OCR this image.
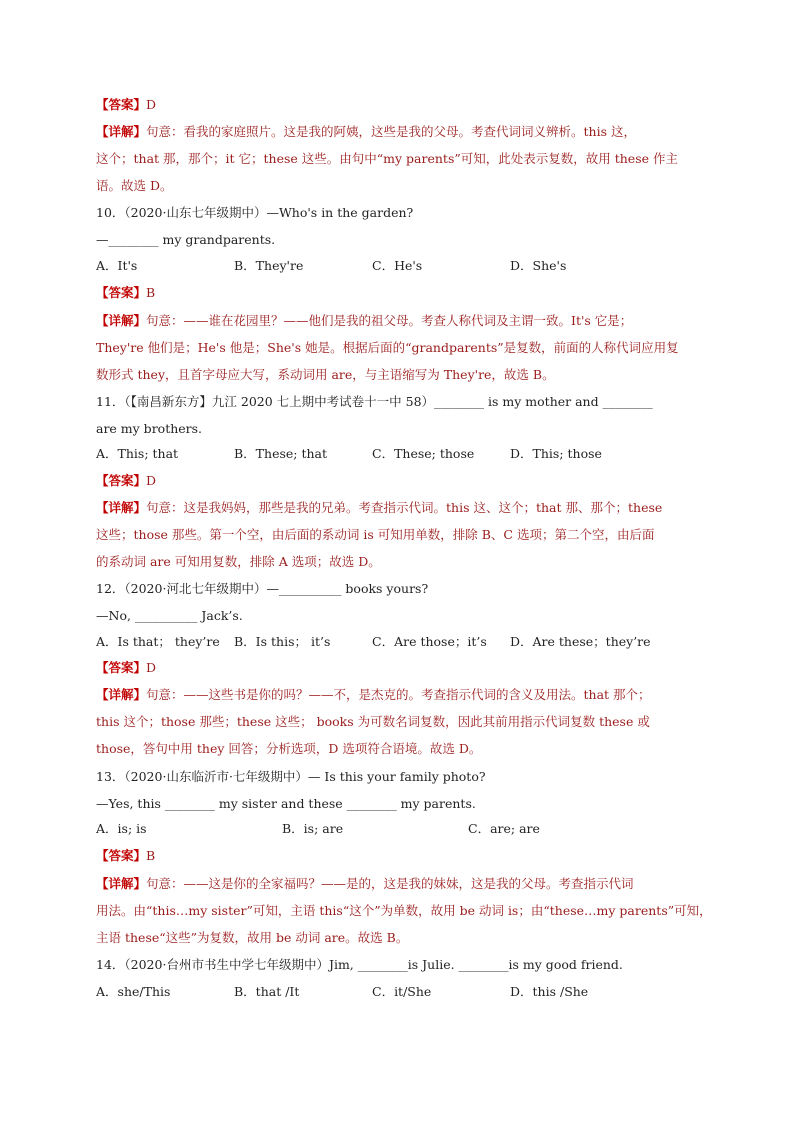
【答案】D

【详解】句意：看我的家庭照片。这是我的阿姨，这些是我的父母。考查代词词义辨析。this 这，

这个；that 那，那个；it 它；these 这些。由句中“my parents”可知，此处表示复数，故用 these 作主

语。故选 D。

10．（2020·山东七年级期中）—Who's in the garden?

—________ my grandparents.

A．It's	B．They're	C．He's	D．She's

【答案】B

【详解】句意：——谁在花园里？——他们是我的祖父母。考查人称代词及主谓一致。It's 它是；

They're 他们是；He's 他是；She's 她是。根据后面的“grandparents”是复数，前面的人称代词应用复

数形式 they，且首字母应大写，系动词用 are，与主语缩写为 They're，故选 B。

11．（【南昌新东方】九江 2020 七上期中考试卷十一中 58）________ is my mother and ________

are my brothers.

A．This; that	B．These; that	C．These; those	D．This; those

【答案】D

【详解】句意：这是我妈妈，那些是我的兄弟。考查指示代词。this 这、这个；that 那、那个；these

这些；those 那些。第一个空，由后面的系动词 is 可知用单数，排除 B、C 选项；第二个空，由后面

的系动词 are 可知用复数，排除 A 选项；故选 D。

12．（2020·河北七年级期中）—__________ books yours?

—No, __________ Jack’s.

A．Is that； they’re B．Is this； it’s	C．Are those；it’s D．Are these；they’re

【答案】D

【详解】句意：——这些书是你的吗？——不，是杰克的。考查指示代词的含义及用法。that 那个；

this 这个；those 那些；these 这些； books 为可数名词复数，因此其前用指示代词复数 these 或

those，答句中用 they 回答；分析选项，D 选项符合语境。故选 D。

13．（2020·山东临沂市·七年级期中）— Is this your family photo?

—Yes, this ________ my sister and these ________ my parents.

A．is; is	B．is; are	C．are; are

【答案】B

【详解】句意：——这是你的全家福吗？——是的，这是我的妹妹，这是我的父母。考查指示代词

用法。由“this…my sister”可知，主语 this“这个”为单数，故用 be 动词 is；由“these…my parents”可知，

主语 these“这些”为复数，故用 be 动词 are。故选 B。

14．（2020·台州市书生中学七年级期中）Jim, ________is Julie. ________is my good friend.

A．she/This	B．that /It	C．it/She	D．this /She
